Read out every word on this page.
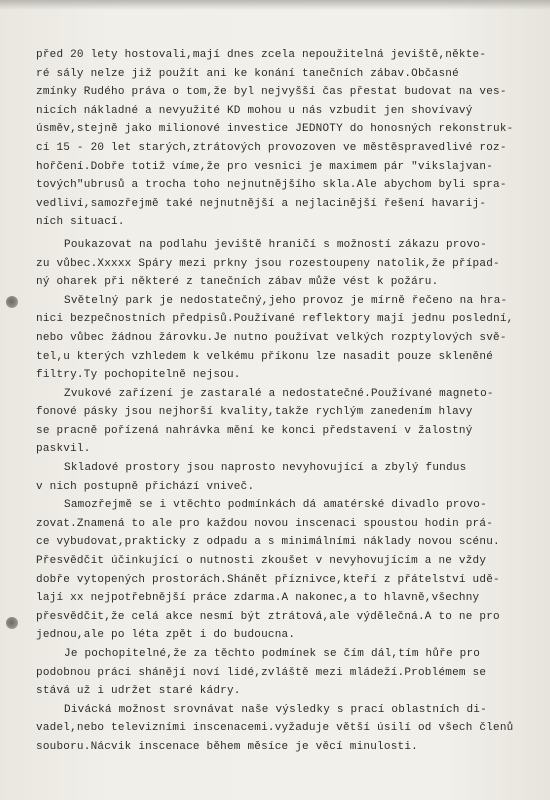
před 20 lety hostovali,mají dnes zcela nepoužitelná jeviště,někte-
ré sály nelze již použít ani ke konání tanečních zábav.Občasné
zmínky Rudého práva o tom,že byl nejvyšší čas přestat budovat na ves-
nicích nákladné a nevyužité KD mohou u nás vzbudit jen shovívavý
úsměv,stejně jako milionové investice JEDNOTY do honosných rekonstruk-
cí 15 - 20 let starých,ztrátových provozoven ve městěspravedlivé roz-
hořčení.Dobře totiž víme,že pro vesnici je maximem pár "vikslajvan-
tových"ubrusů a trocha toho nejnutnějšího skla.Ale abychom byli spra-
vedliví,samozřejmě také nejnutnější a nejlacinější řešení havarij-
ních situací.
Poukazovat na podlahu jeviště hraničí s možností zákazu provo-
zu vůbec.Xxxxx Spáry mezi prkny jsou rozestoupeny natolik,že případ-
ný oharek při některé z tanečních zábav může vést k požáru.
Světelný park je nedostatečný,jeho provoz je mírně řečeno na hra-
nici bezpečnostních předpisů.Používané reflektory mají jednu poslední,
nebo vůbec žádnou žárovku.Je nutno používat velkých rozptylových svě-
tel,u kterých vzhledem k velkému příkonu lze nasadit pouze skleněné
filtry.Ty pochopitelně nejsou.
Zvukové zařízení je zastaralé a nedostatečné.Používané magneto-
fonové pásky jsou nejhorší kvality,takže rychlým zanedením hlavy
se pracně pořízená nahrávka mění ke konci představení v žalostný
paskvil.
Skladové prostory jsou naprosto nevyhovující a zbylý fundus
v nich postupně přichází vniveč.
Samozřejmě se i vtěchto podmínkách dá amatérské divadlo provo-
zovat.Znamená to ale pro každou novou inscenaci spoustou hodin prá-
ce vybudovat,prakticky z odpadu a s minimálními náklady novou scénu.
Přesvědčit účinkující o nutnosti zkoušet v nevyhovujícím a ne vždy
dobře vytopených prostorách.Shánět příznivce,kteří z přátelství udě-
lají xx nejpotřebnější práce zdarma.A nakonec,a to hlavně,všechny
přesvědčit,že celá akce nesmí být ztrátová,ale výdělečná.A to ne pro
jednou,ale po léta zpět i do budoucna.
Je pochopitelné,že za těchto podmínek se čím dál,tím hůře pro
podobnou práci shánějí noví lidé,zvláště mezi mládeží.Problémem se
stává už i udržet staré kádry.
Divácká možnost srovnávat naše výsledky s prací oblastních di-
vadel,nebo televizními inscenacemi.vyžaduje větší úsilí od všech členů
souboru.Nácvik inscenace během měsíce je věcí minulosti.
